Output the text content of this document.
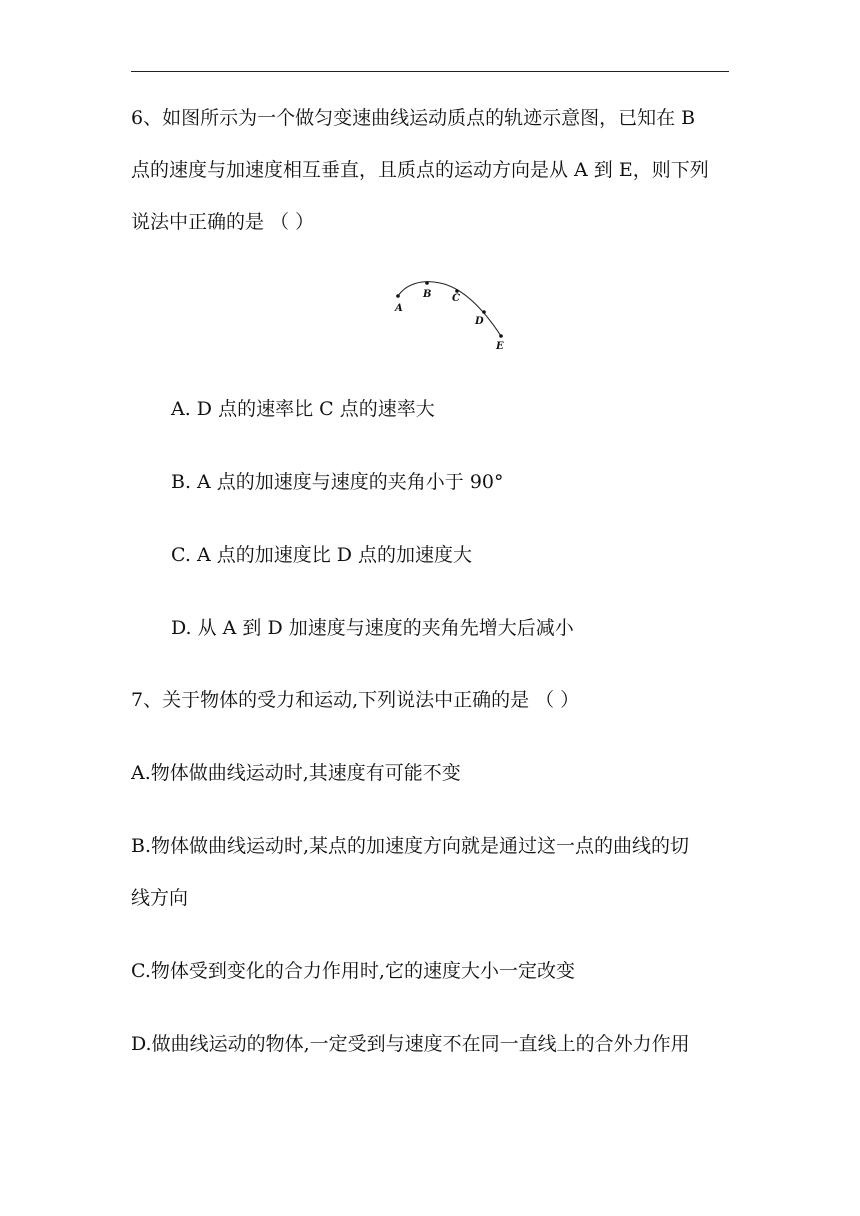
6、如图所示为一个做匀变速曲线运动质点的轨迹示意图，已知在 B
点的速度与加速度相互垂直，且质点的运动方向是从 A 到 E，则下列
说法中正确的是 （ ）
A
B C
D
E
A. D 点的速率比 C 点的速率大
B. A 点的加速度与速度的夹角小于 90°
C. A 点的加速度比 D 点的加速度大
D. 从 A 到 D 加速度与速度的夹角先增大后减小
7、关于物体的受力和运动,下列说法中正确的是 （ ）
A.物体做曲线运动时,其速度有可能不变
B.物体做曲线运动时,某点的加速度方向就是通过这一点的曲线的切
线方向
C.物体受到变化的合力作用时,它的速度大小一定改变
D.做曲线运动的物体,一定受到与速度不在同一直线上的合外力作用
